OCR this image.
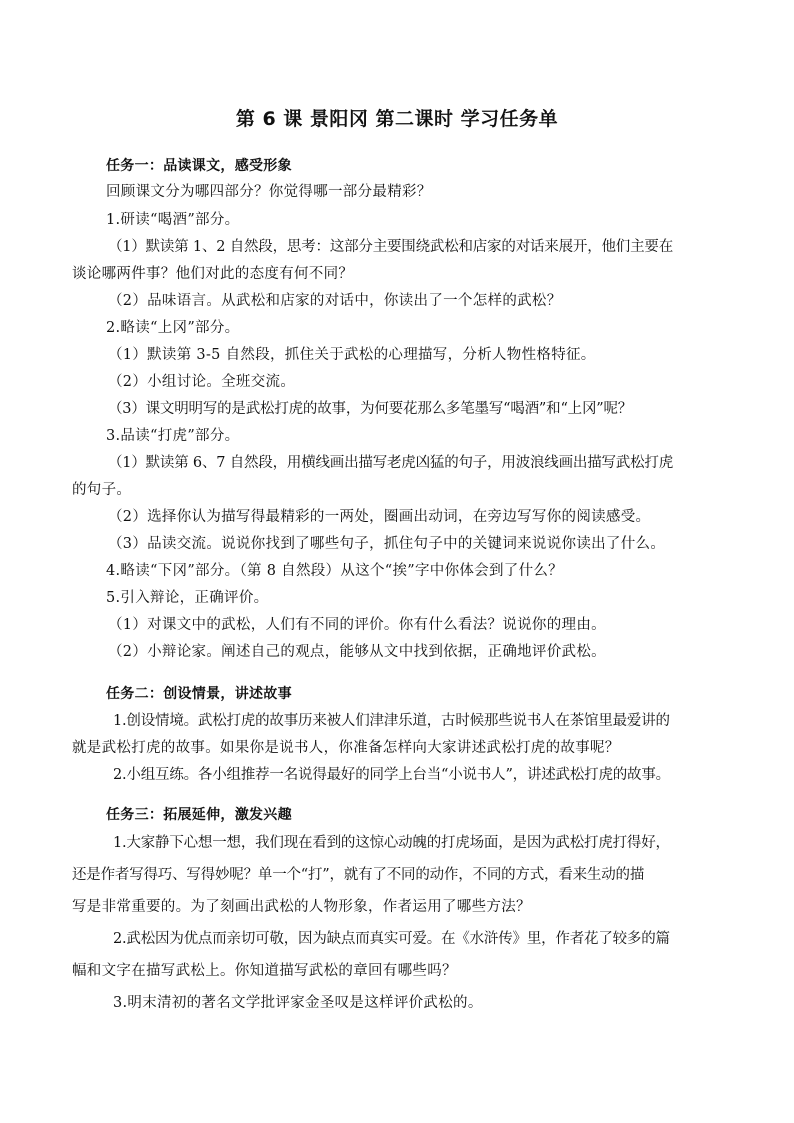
第 6 课 景阳冈 第二课时 学习任务单
任务一：品读课文，感受形象
回顾课文分为哪四部分？你觉得哪一部分最精彩？
1.研读“喝酒”部分。
（1）默读第 1、2 自然段，思考：这部分主要围绕武松和店家的对话来展开，他们主要在
谈论哪两件事？他们对此的态度有何不同？
（2）品味语言。从武松和店家的对话中，你读出了一个怎样的武松？
2.略读“上冈”部分。
（1）默读第 3-5 自然段，抓住关于武松的心理描写，分析人物性格特征。
（2）小组讨论。全班交流。
（3）课文明明写的是武松打虎的故事，为何要花那么多笔墨写“喝酒”和“上冈”呢？
3.品读“打虎”部分。
（1）默读第 6、7 自然段，用横线画出描写老虎凶猛的句子，用波浪线画出描写武松打虎
的句子。
（2）选择你认为描写得最精彩的一两处，圈画出动词，在旁边写写你的阅读感受。
（3）品读交流。说说你找到了哪些句子，抓住句子中的关键词来说说你读出了什么。
4.略读“下冈”部分。（第 8 自然段）从这个“挨”字中你体会到了什么？
5.引入辩论，正确评价。
（1）对课文中的武松，人们有不同的评价。你有什么看法？说说你的理由。
（2）小辩论家。阐述自己的观点，能够从文中找到依据，正确地评价武松。
任务二：创设情景，讲述故事
1.创设情境。武松打虎的故事历来被人们津津乐道，古时候那些说书人在茶馆里最爱讲的
就是武松打虎的故事。如果你是说书人，你准备怎样向大家讲述武松打虎的故事呢？
2.小组互练。各小组推荐一名说得最好的同学上台当“小说书人”，讲述武松打虎的故事。
任务三：拓展延伸，激发兴趣
1.大家静下心想一想，我们现在看到的这惊心动魄的打虎场面，是因为武松打虎打得好，
还是作者写得巧、写得妙呢？单一个“打”，就有了不同的动作，不同的方式，看来生动的描
写是非常重要的。为了刻画出武松的人物形象，作者运用了哪些方法？
2.武松因为优点而亲切可敬，因为缺点而真实可爱。在《水浒传》里，作者花了较多的篇
幅和文字在描写武松上。你知道描写武松的章回有哪些吗？
3.明末清初的著名文学批评家金圣叹是这样评价武松的。
